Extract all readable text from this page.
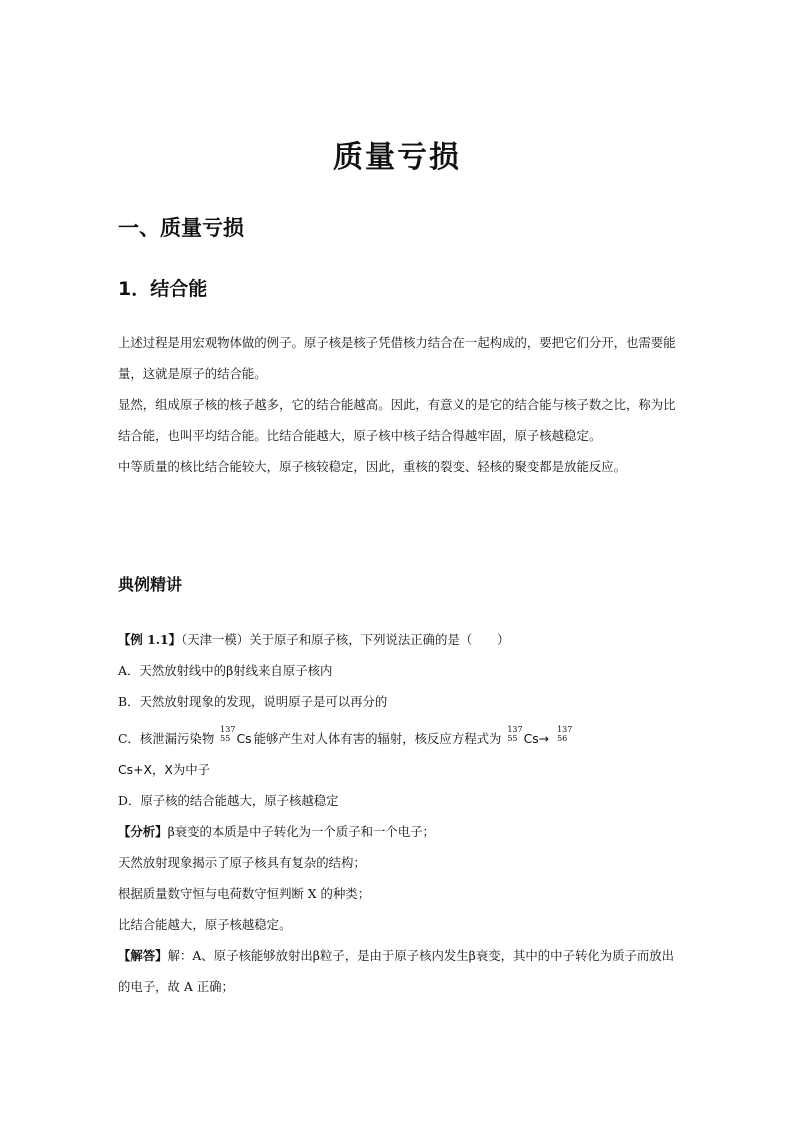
质量亏损
一、质量亏损
1．结合能

上述过程是用宏观物体做的例子。原子核是核子凭借核力结合在一起构成的，要把它们分开，也需要能量，这就是原子的结合能。

显然，组成原子核的核子越多，它的结合能越高。因此，有意义的是它的结合能与核子数之比，称为比结合能，也叫平均结合能。比结合能越大，原子核中核子结合得越牢固，原子核越稳定。

中等质量的核比结合能较大，原子核较稳定，因此，重核的裂变、轻核的聚变都是放能反应。

典例精讲

【例 1.1】（天津一模）关于原子和原子核，下列说法正确的是（　　）

A．天然放射线中的β射线来自原子核内

B．天然放射现象的发现，说明原子是可以再分的

C．核泄漏污染物
137
55 Cs 能够产生对人体有害的辐射，核反应方程式为
137
55 Cs→
137
56

Cs+X，X为中子

D．原子核的结合能越大，原子核越稳定

【分析】β衰变的本质是中子转化为一个质子和一个电子；

天然放射现象揭示了原子核具有复杂的结构；

根据质量数守恒与电荷数守恒判断 X 的种类；

比结合能越大，原子核越稳定。

【解答】解：A、原子核能够放射出β粒子，是由于原子核内发生β衰变，其中的中子转化为质子而放出的电子，故 A 正确；
